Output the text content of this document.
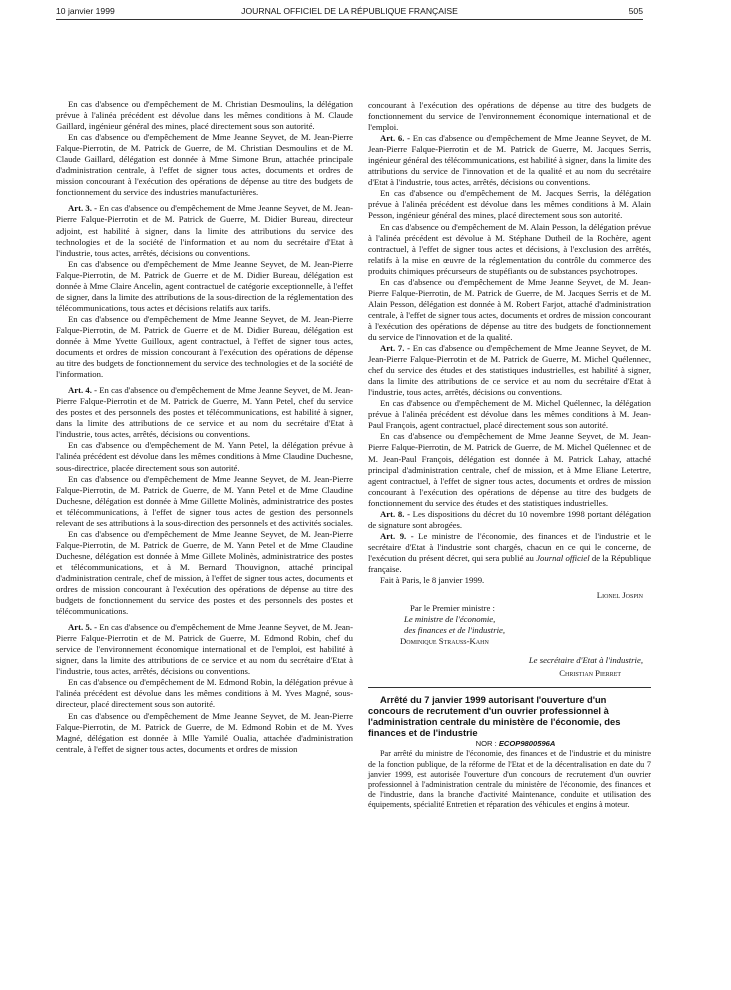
10 janvier 1999	JOURNAL OFFICIEL DE LA RÉPUBLIQUE FRANÇAISE	505

En cas d'absence ou d'empêchement de M. Christian Desmoulins, la délégation prévue à l'alinéa précédent est dévolue dans les mêmes conditions à M. Claude Gaillard, ingénieur général des mines, placé directement sous son autorité.

En cas d'absence ou d'empêchement de Mme Jeanne Seyvet, de M. Jean-Pierre Falque-Pierrotin, de M. Patrick de Guerre, de M. Christian Desmoulins et de M. Claude Gaillard, délégation est donnée à Mme Simone Brun, attachée principale d'administration centrale, à l'effet de signer tous actes, documents et ordres de mission concourant à l'exécution des opérations de dépense au titre des budgets de fonctionnement du service des industries manufacturières.

Art. 3. - En cas d'absence ou d'empêchement de Mme Jeanne Seyvet, de M. Jean-Pierre Falque-Pierrotin et de M. Patrick de Guerre, M. Didier Bureau, directeur adjoint, est habilité à signer, dans la limite des attributions du service des technologies et de la société de l'information et au nom du secrétaire d'Etat à l'industrie, tous actes, arrêtés, décisions ou conventions.

En cas d'absence ou d'empêchement de Mme Jeanne Seyvet, de M. Jean-Pierre Falque-Pierrotin, de M. Patrick de Guerre et de M. Didier Bureau, délégation est donnée à Mme Claire Ancelin, agent contractuel de catégorie exceptionnelle, à l'effet de signer, dans la limite des attributions de la sous-direction de la réglementation des télécommunications, tous actes et décisions relatifs aux tarifs.

En cas d'absence ou d'empêchement de Mme Jeanne Seyvet, de M. Jean-Pierre Falque-Pierrotin, de M. Patrick de Guerre et de M. Didier Bureau, délégation est donnée à Mme Yvette Guilloux, agent contractuel, à l'effet de signer tous actes, documents et ordres de mission concourant à l'exécution des opérations de dépense au titre des budgets de fonctionnement du service des technologies et de la société de l'information.

Art. 4. - En cas d'absence ou d'empêchement de Mme Jeanne Seyvet, de M. Jean-Pierre Falque-Pierrotin et de M. Patrick de Guerre, M. Yann Petel, chef du service des postes et des personnels des postes et télécommunications, est habilité à signer, dans la limite des attributions de ce service et au nom du secrétaire d'Etat à l'industrie, tous actes, arrêtés, décisions ou conventions.

En cas d'absence ou d'empêchement de M. Yann Petel, la délégation prévue à l'alinéa précédent est dévolue dans les mêmes conditions à Mme Claudine Duchesne, sous-directrice, placée directement sous son autorité.

En cas d'absence ou d'empêchement de Mme Jeanne Seyvet, de M. Jean-Pierre Falque-Pierrotin, de M. Patrick de Guerre, de M. Yann Petel et de Mme Claudine Duchesne, délégation est donnée à Mme Gillette Molinès, administratrice des postes et télécommunications, à l'effet de signer tous actes de gestion des personnels relevant de ses attributions à la sous-direction des personnels et des activités sociales.

En cas d'absence ou d'empêchement de Mme Jeanne Seyvet, de M. Jean-Pierre Falque-Pierrotin, de M. Patrick de Guerre, de M. Yann Petel et de Mme Claudine Duchesne, délégation est donnée à Mme Gillete Molinès, administratrice des postes et télécommunications, et à M. Bernard Thouvignon, attaché principal d'administration centrale, chef de mission, à l'effet de signer tous actes, documents et ordres de mission concourant à l'exécution des opérations de dépense au titre des budgets de fonctionnement du service des postes et des personnels des postes et télécommunications.

Art. 5. - En cas d'absence ou d'empêchement de Mme Jeanne Seyvet, de M. Jean-Pierre Falque-Pierrotin et de M. Patrick de Guerre, M. Edmond Robin, chef du service de l'environnement économique international et de l'emploi, est habilité à signer, dans la limite des attributions de ce service et au nom du secrétaire d'Etat à l'industrie, tous actes, arrêtés, décisions ou conventions.

En cas d'absence ou d'empêchement de M. Edmond Robin, la délégation prévue à l'alinéa précédent est dévolue dans les mêmes conditions à M. Yves Magné, sous-directeur, placé directement sous son autorité.

En cas d'absence ou d'empêchement de Mme Jeanne Seyvet, de M. Jean-Pierre Falque-Pierrotin, de M. Patrick de Guerre, de M. Edmond Robin et de M. Yves Magné, délégation est donnée à Mlle Yamilé Oualia, attachée d'administration centrale, à l'effet de signer tous actes, documents et ordres de mission

concourant à l'exécution des opérations de dépense au titre des budgets de fonctionnement du service de l'environnement économique international et de l'emploi.

Art. 6. - En cas d'absence ou d'empêchement de Mme Jeanne Seyvet, de M. Jean-Pierre Falque-Pierrotin et de M. Patrick de Guerre, M. Jacques Serris, ingénieur général des télécommunications, est habilité à signer, dans la limite des attributions du service de l'innovation et de la qualité et au nom du secrétaire d'Etat à l'industrie, tous actes, arrêtés, décisions ou conventions.

En cas d'absence ou d'empêchement de M. Jacques Serris, la délégation prévue à l'alinéa précédent est dévolue dans les mêmes conditions à M. Alain Pesson, ingénieur général des mines, placé directement sous son autorité.

En cas d'absence ou d'empêchement de M. Alain Pesson, la délégation prévue à l'alinéa précédent est dévolue à M. Stéphane Dutheil de la Rochère, agent contractuel, à l'effet de signer tous actes et décisions, à l'exclusion des arrêtés, relatifs à la mise en œuvre de la réglementation du contrôle du commerce des produits chimiques précurseurs de stupéfiants ou de substances psychotropes.

En cas d'absence ou d'empêchement de Mme Jeanne Seyvet, de M. Jean-Pierre Falque-Pierrotin, de M. Patrick de Guerre, de M. Jacques Serris et de M. Alain Pesson, délégation est donnée à M. Robert Farjot, attaché d'administration centrale, à l'effet de signer tous actes, documents et ordres de mission concourant à l'exécution des opérations de dépense au titre des budgets de fonctionnement du service de l'innovation et de la qualité.

Art. 7. - En cas d'absence ou d'empêchement de Mme Jeanne Seyvet, de M. Jean-Pierre Falque-Pierrotin et de M. Patrick de Guerre, M. Michel Quélennec, chef du service des études et des statistiques industrielles, est habilité à signer, dans la limite des attributions de ce service et au nom du secrétaire d'Etat à l'industrie, tous actes, arrêtés, décisions ou conventions.

En cas d'absence ou d'empêchement de M. Michel Quélennec, la délégation prévue à l'alinéa précédent est dévolue dans les mêmes conditions à M. Jean-Paul François, agent contractuel, placé directement sous son autorité.

En cas d'absence ou d'empêchement de Mme Jeanne Seyvet, de M. Jean-Pierre Falque-Pierrotin, de M. Patrick de Guerre, de M. Michel Quélennec et de M. Jean-Paul François, délégation est donnée à M. Patrick Lahay, attaché principal d'administration centrale, chef de mission, et à Mme Eliane Letertre, agent contractuel, à l'effet de signer tous actes, documents et ordres de mission concourant à l'exécution des opérations de dépense au titre des budgets de fonctionnement du service des études et des statistiques industrielles.

Art. 8. - Les dispositions du décret du 10 novembre 1998 portant délégation de signature sont abrogées.

Art. 9. - Le ministre de l'économie, des finances et de l'industrie et le secrétaire d'Etat à l'industrie sont chargés, chacun en ce qui le concerne, de l'exécution du présent décret, qui sera publié au Journal officiel de la République française.

Fait à Paris, le 8 janvier 1999.

Lionel Jospin

Par le Premier ministre :

Le ministre de l'économie,

des finances et de l'industrie,

Dominique Strauss-Kahn

Le secrétaire d'Etat à l'industrie,
Christian Pierret

Arrêté du 7 janvier 1999 autorisant l'ouverture d'un concours de recrutement d'un ouvrier professionnel à l'administration centrale du ministère de l'économie, des finances et de l'industrie

NOR : ECOP9800596A

Par arrêté du ministre de l'économie, des finances et de l'industrie et du ministre de la fonction publique, de la réforme de l'Etat et de la décentralisation en date du 7 janvier 1999, est autorisée l'ouverture d'un concours de recrutement d'un ouvrier professionnel à l'administration centrale du ministère de l'économie, des finances et de l'industrie, dans la branche d'activité Maintenance, conduite et utilisation des équipements, spécialité Entretien et réparation des véhicules et engins à moteur.
